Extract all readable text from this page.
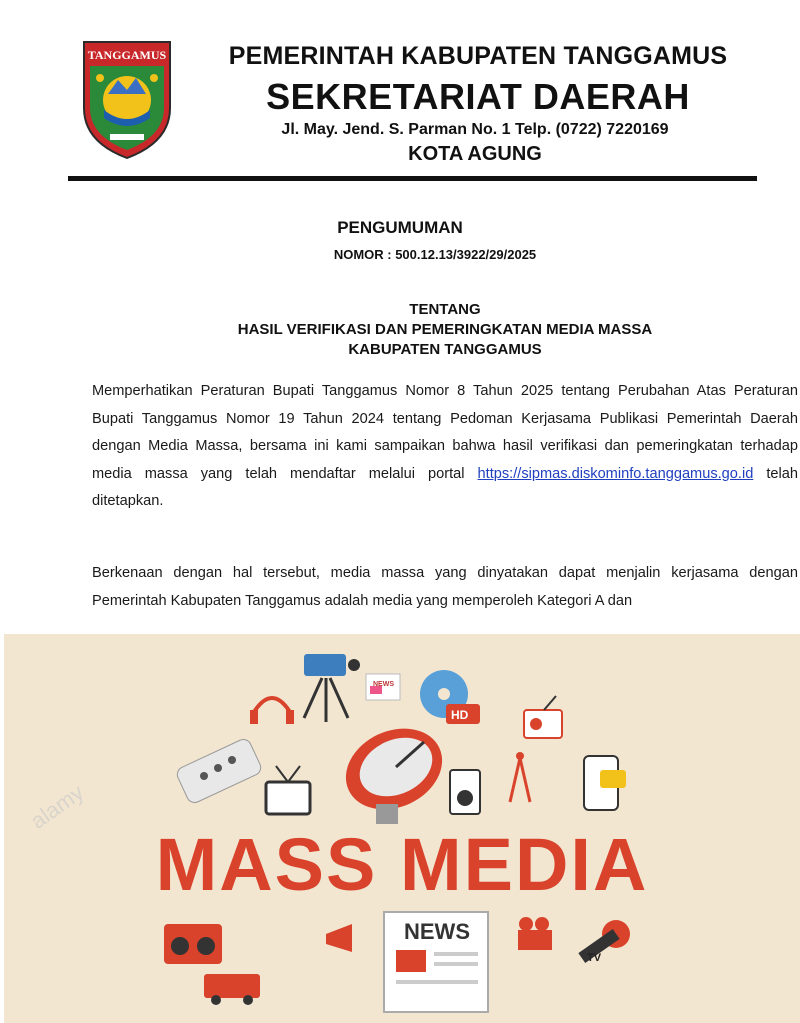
TANGGAMUS	PEMERINTAH KABUPATEN TANGGAMUS
SEKRETARIAT DAERAH
Jl. May. Jend. S. Parman No. 1 Telp. (0722) 7220169
KOTA AGUNG
PENGUMUMAN
NOMOR : 500.12.13/3922/29/2025
TENTANG
HASIL VERIFIKASI DAN PEMERINGKATAN MEDIA MASSA
KABUPATEN TANGGAMUS
Memperhatikan Peraturan Bupati Tanggamus Nomor 8 Tahun 2025 tentang Perubahan Atas Peraturan Bupati Tanggamus Nomor 19 Tahun 2024 tentang Pedoman Kerjasama Publikasi Pemerintah Daerah dengan Media Massa, bersama ini kami sampaikan bahwa hasil verifikasi dan pemeringkatan terhadap media massa yang telah mendaftar melalui portal https://sipmas.diskominfo.tanggamus.go.id telah ditetapkan.
Berkenaan dengan hal tersebut, media massa yang dinyatakan dapat menjalin kerjasama dengan Pemerintah Kabupaten Tanggamus adalah media yang memperoleh Kategori A dan
alamy
NEWS
HD
MASS MEDIA
NEWS
TV
